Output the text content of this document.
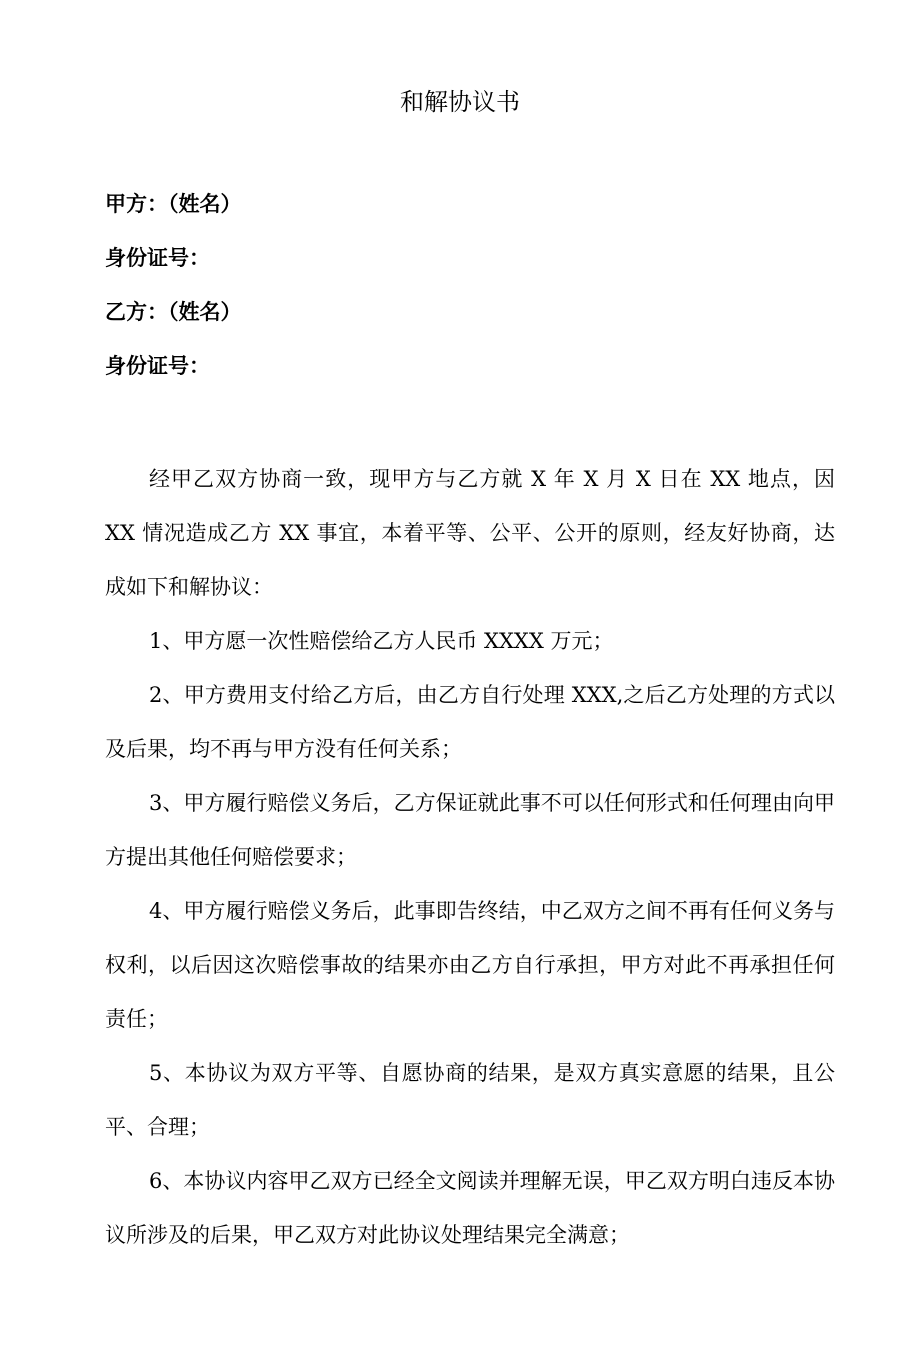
和解协议书
甲方：（姓名）
身份证号：
乙方：（姓名）
身份证号：

经甲乙双方协商一致，现甲方与乙方就 X 年 X 月 X 日在 XX 地点，因 XX 情况造成乙方 XX 事宜，本着平等、公平、公开的原则，经友好协商，达成如下和解协议：

1、甲方愿一次性赔偿给乙方人民币 XXXX 万元；

2、甲方费用支付给乙方后，由乙方自行处理 XXX,之后乙方处理的方式以及后果，均不再与甲方没有任何关系；

3、甲方履行赔偿义务后，乙方保证就此事不可以任何形式和任何理由向甲方提出其他任何赔偿要求；

4、甲方履行赔偿义务后，此事即告终结，中乙双方之间不再有任何义务与权利，以后因这次赔偿事故的结果亦由乙方自行承担，甲方对此不再承担任何责任；

5、本协议为双方平等、自愿协商的结果，是双方真实意愿的结果，且公平、合理；

6、本协议内容甲乙双方已经全文阅读并理解无误，甲乙双方明白违反本协议所涉及的后果，甲乙双方对此协议处理结果完全满意；
